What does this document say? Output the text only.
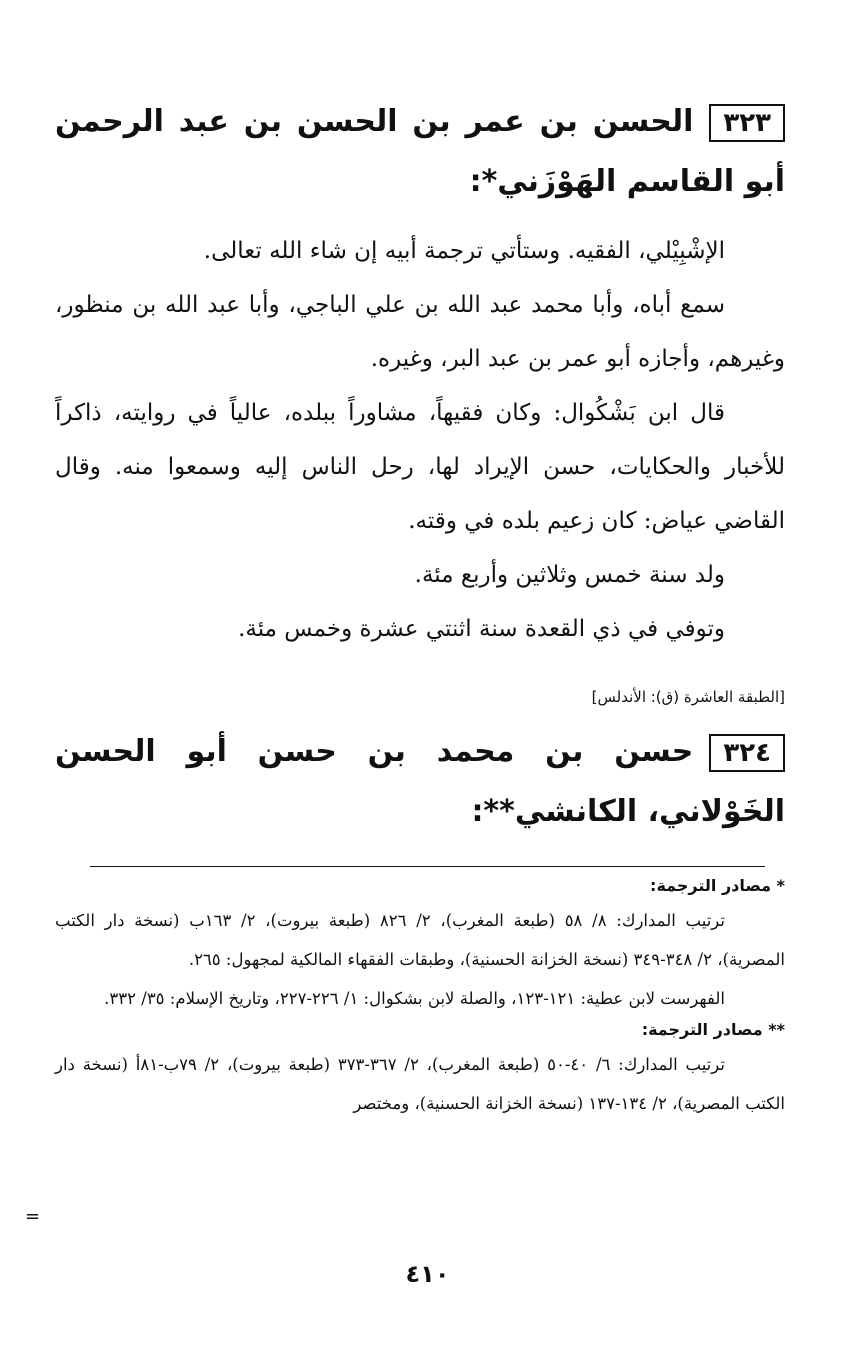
٣٢٣الحسن بن عمر بن الحسن بن عبد الرحمن أبو القاسم الهَوْزَني*:

الإشْبِيْلي، الفقيه. وستأتي ترجمة أبيه إن شاء الله تعالى.

سمع أباه، وأبا محمد عبد الله بن علي الباجي، وأبا عبد الله بن منظور، وغيرهم، وأجازه أبو عمر بن عبد البر، وغيره.

قال ابن بَشْكُوال: وكان فقيهاً، مشاوراً ببلده، عالياً في روايته، ذاكراً للأخبار والحكايات، حسن الإيراد لها، رحل الناس إليه وسمعوا منه. وقال القاضي عياض: كان زعيم بلده في وقته.

ولد سنة خمس وثلاثين وأربع مئة.

وتوفي في ذي القعدة سنة اثنتي عشرة وخمس مئة.

[الطبقة العاشرة (ق): الأندلس]
٣٢٤حسن بن محمد بن حسن أبو الحسن الخَوْلاني، الكانشي**:
* مصادر الترجمة:

ترتيب المدارك: ٨/ ٥٨ (طبعة المغرب)، ٢/ ٨٢٦ (طبعة بيروت)، ٢/ ١٦٣ب (نسخة دار الكتب المصرية)، ٢/ ٣٤٨-٣٤٩ (نسخة الخزانة الحسنية)، وطبقات الفقهاء المالكية لمجهول: ٢٦٥.

الفهرست لابن عطية: ١٢١-١٢٣، والصلة لابن بشكوال: ١/ ٢٢٦-٢٢٧، وتاريخ الإسلام: ٣٥/ ٣٣٢.

** مصادر الترجمة:

ترتيب المدارك: ٦/ ٤٠-٥٠ (طبعة المغرب)، ٢/ ٣٦٧-٣٧٣ (طبعة بيروت)، ٢/ ٧٩ب-٨١أ (نسخة دار الكتب المصرية)، ٢/ ١٣٤-١٣٧ (نسخة الخزانة الحسنية)، ومختصر

=
٤١٠
